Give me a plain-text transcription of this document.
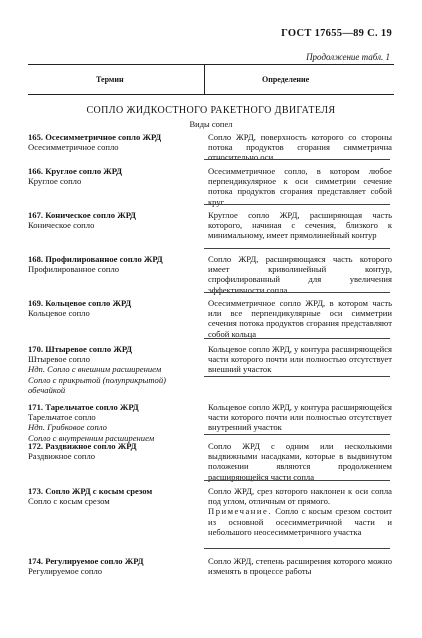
ГОСТ 17655—89 С. 19
Продолжение табл. 1
Термин	Определение
СОПЛО ЖИДКОСТНОГО РАКЕТНОГО ДВИГАТЕЛЯ
Виды сопел
165. Осесимметричное сопло ЖРД
Осесимметричное сопло
Сопло ЖРД, поверхность которого со стороны потока продуктов сгорания симметрична относительно оси
166. Круглое сопло ЖРД
Круглое сопло
Осесимметричное сопло, в котором любое перпендикулярное к оси симметрии сечение потока продуктов сгорания представляет собой круг
167. Коническое сопло ЖРД
Коническое сопло
Круглое сопло ЖРД, расширяющая часть которого, начиная с сечения, близкого к минимальному, имеет прямолинейный контур
168. Профилированное сопло ЖРД
Профилированное сопло
Сопло ЖРД, расширяющаяся часть которого имеет криволинейный контур, спрофилированный для увеличения эффективности сопла
169. Кольцевое сопло ЖРД
Кольцевое сопло
Осесимметричное сопло ЖРД, в котором часть или все перпендикулярные оси симметрии сечения потока продуктов сгорания представляют собой кольца
170. Штыревое сопло ЖРД
Штыревое сопло
Ндп. Сопло с внешним расширением
Сопло с прикрытой (полуприкрытой) обечайкой
Кольцевое сопло ЖРД, у контура расширяющейся части которого почти или полностью отсутствует внешний участок
171. Тарельчатое сопло ЖРД
Тарельчатое сопло
Ндп. Грибковое сопло
Сопло с внутренним расширением
Кольцевое сопло ЖРД, у контура расширяющейся части которого почти или полностью отсутствует внутренний участок
172. Раздвижное сопло ЖРД
Раздвижное сопло
Сопло ЖРД с одним или несколькими выдвижными насадками, которые в выдвинутом положении являются продолжением расширяющейся части сопла
173. Сопло ЖРД с косым срезом
Сопло с косым срезом
Сопло ЖРД, срез которого наклонен к оси сопла под углом, отличным от прямого.
Примечание. Сопло с косым срезом состоит из основной осесимметричной части и небольшого неосесимметричного участка
174. Регулируемое сопло ЖРД
Регулируемое сопло
Сопло ЖРД, степень расширения которого можно изменять в процессе работы
